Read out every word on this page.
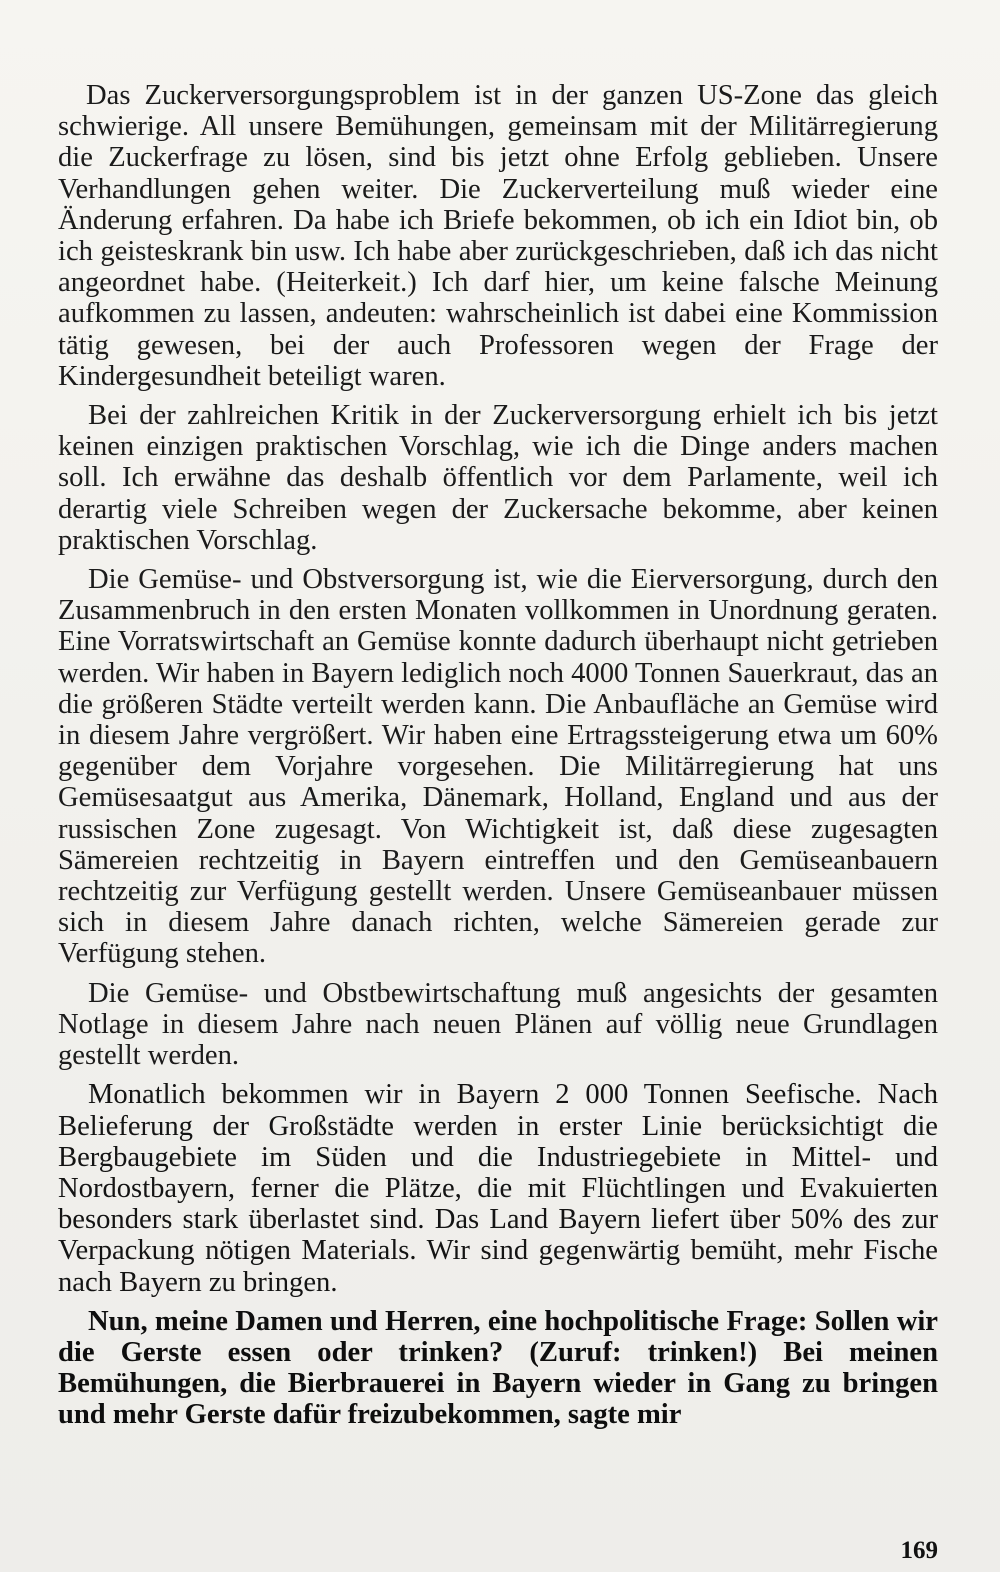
Das Zuckerversorgungsproblem ist in der ganzen US-Zone das gleich schwierige. All unsere Bemühungen, gemeinsam mit der Militärregierung die Zuckerfrage zu lösen, sind bis jetzt ohne Erfolg geblieben. Unsere Verhandlungen gehen weiter. Die Zuckerverteilung muß wieder eine Änderung erfahren. Da habe ich Briefe bekommen, ob ich ein Idiot bin, ob ich geisteskrank bin usw. Ich habe aber zurückgeschrieben, daß ich das nicht angeordnet habe. (Heiterkeit.) Ich darf hier, um keine falsche Meinung aufkommen zu lassen, andeuten: wahrscheinlich ist dabei eine Kommission tätig gewesen, bei der auch Professoren wegen der Frage der Kindergesundheit beteiligt waren.

Bei der zahlreichen Kritik in der Zuckerversorgung erhielt ich bis jetzt keinen einzigen praktischen Vorschlag, wie ich die Dinge anders machen soll. Ich erwähne das deshalb öffentlich vor dem Parlamente, weil ich derartig viele Schreiben wegen der Zuckersache bekomme, aber keinen praktischen Vorschlag.

Die Gemüse- und Obstversorgung ist, wie die Eierversorgung, durch den Zusammenbruch in den ersten Monaten vollkommen in Unordnung geraten. Eine Vorratswirtschaft an Gemüse konnte dadurch überhaupt nicht getrieben werden. Wir haben in Bayern lediglich noch 4000 Tonnen Sauerkraut, das an die größeren Städte verteilt werden kann. Die Anbaufläche an Gemüse wird in diesem Jahre vergrößert. Wir haben eine Ertragssteigerung etwa um 60% gegenüber dem Vorjahre vorgesehen. Die Militärregierung hat uns Gemüsesaatgut aus Amerika, Dänemark, Holland, England und aus der russischen Zone zugesagt. Von Wichtigkeit ist, daß diese zugesagten Sämereien rechtzeitig in Bayern eintreffen und den Gemüseanbauern rechtzeitig zur Verfügung gestellt werden. Unsere Gemüseanbauer müssen sich in diesem Jahre danach richten, welche Sämereien gerade zur Verfügung stehen.

Die Gemüse- und Obstbewirtschaftung muß angesichts der gesamten Notlage in diesem Jahre nach neuen Plänen auf völlig neue Grundlagen gestellt werden.

Monatlich bekommen wir in Bayern 2 000 Tonnen Seefische. Nach Belieferung der Großstädte werden in erster Linie berücksichtigt die Bergbaugebiete im Süden und die Industriegebiete in Mittel- und Nordostbayern, ferner die Plätze, die mit Flüchtlingen und Evakuierten besonders stark überlastet sind. Das Land Bayern liefert über 50% des zur Verpackung nötigen Materials. Wir sind gegenwärtig bemüht, mehr Fische nach Bayern zu bringen.

Nun, meine Damen und Herren, eine hochpolitische Frage: Sollen wir die Gerste essen oder trinken? (Zuruf: trinken!) Bei meinen Bemühungen, die Bierbrauerei in Bayern wieder in Gang zu bringen und mehr Gerste dafür freizubekommen, sagte mir

169
